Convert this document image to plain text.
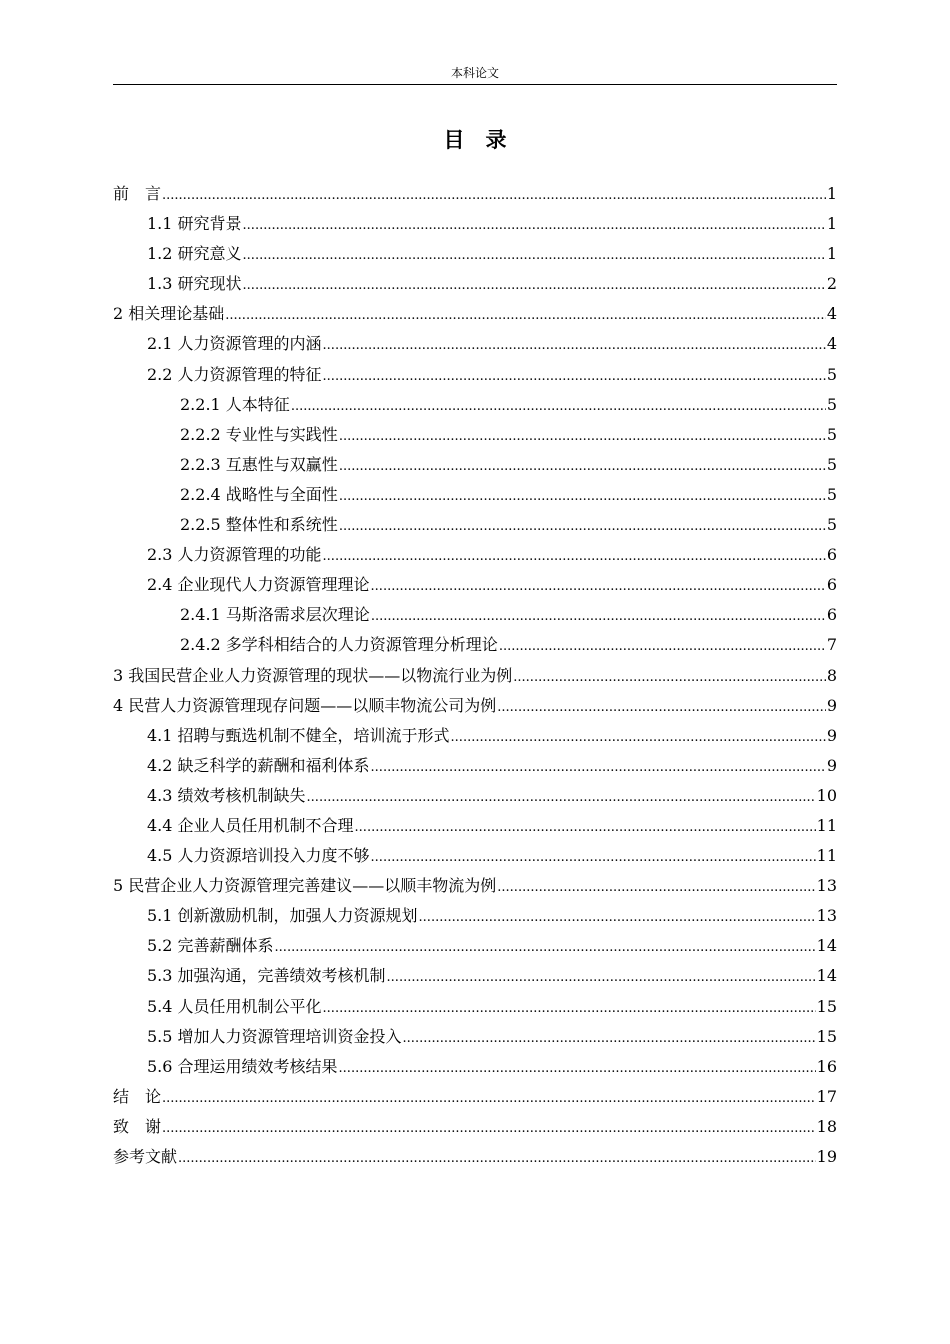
本科论文
目　录
前　言 .....	1
1.1 研究背景 .....	1
1.2 研究意义 .....	1
1.3 研究现状 .....	2
2 相关理论基础 .....	4
2.1 人力资源管理的内涵 .....	4
2.2 人力资源管理的特征 .....	5
2.2.1 人本特征 .....	5
2.2.2 专业性与实践性 .....	5
2.2.3 互惠性与双赢性 .....	5
2.2.4 战略性与全面性 .....	5
2.2.5 整体性和系统性 .....	5
2.3 人力资源管理的功能 .....	6
2.4 企业现代人力资源管理理论 .....	6
2.4.1 马斯洛需求层次理论 .....	6
2.4.2 多学科相结合的人力资源管理分析理论 .....	7
3 我国民营企业人力资源管理的现状——以物流行业为例 .....	8
4 民营人力资源管理现存问题——以顺丰物流公司为例 .....	9
4.1 招聘与甄选机制不健全，培训流于形式 .....	9
4.2 缺乏科学的薪酬和福利体系 .....	9
4.3 绩效考核机制缺失 .....	10
4.4 企业人员任用机制不合理 .....	11
4.5 人力资源培训投入力度不够 .....	11
5 民营企业人力资源管理完善建议——以顺丰物流为例 .....	13
5.1 创新激励机制，加强人力资源规划 .....	13
5.2 完善薪酬体系 .....	14
5.3 加强沟通，完善绩效考核机制 .....	14
5.4 人员任用机制公平化 .....	15
5.5 增加人力资源管理培训资金投入 .....	15
5.6 合理运用绩效考核结果 .....	16
结　论 .....	17
致　谢 .....	18
参考文献 .....	19
